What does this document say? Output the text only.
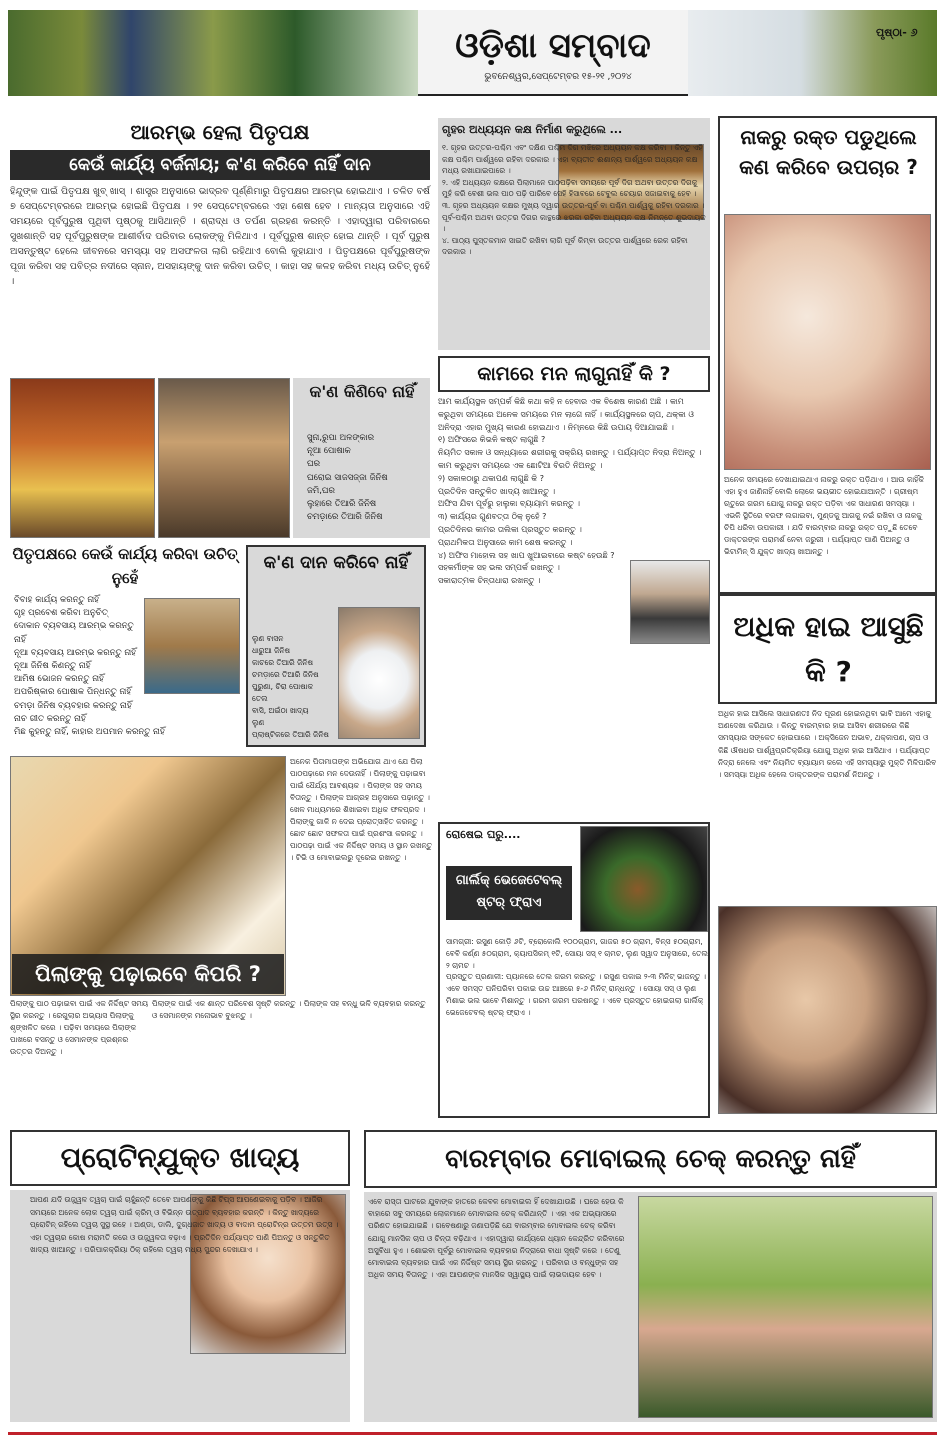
ଓଡ଼ିଶା ସମ୍ବାଦ
ଭୁବନେଶ୍ୱର,ସେପ୍ଟେମ୍ବର ୧୫-୨୧ ,୨୦୨୪
ପୃଷ୍ଠା- ୬
ଆରମ୍ଭ ହେଲା ପିତୃପକ୍ଷ
କେଉଁ କାର୍ଯ୍ୟ ବର୍ଜନୀୟ; କ'ଣ କରିବେ ନାହିଁ ଦାନ

ହିନ୍ଦୁଙ୍କ ପାଇଁ ପିତୃପକ୍ଷ ଖୁବ୍ ଖାସ୍ । ଶାସ୍ତ୍ର ଅନୁସାରେ ଭାଦ୍ରବ ପୂର୍ଣ୍ଣିମାରୁ ପିତୃପକ୍ଷର ଆରମ୍ଭ ହୋଇଥାଏ । ଚଳିତ ବର୍ଷ ୭ ସେପ୍ଟେମ୍ବରରେ ଆରମ୍ଭ ହୋଇଛି ପିତୃପକ୍ଷ । ୨୧ ସେପ୍ଟେମ୍ବରରେ ଏହା ଶେଷ ହେବ । ମାନ୍ୟତା ଅନୁସାରେ ଏହି ସମୟରେ ପୂର୍ବପୁରୁଷ ପୃଥିବୀ ପୃଷ୍ଠକୁ ଆସିଥାନ୍ତି । ଶ୍ରାଦ୍ଧ ଓ ତର୍ପଣ ଗ୍ରହଣ କରନ୍ତି । ଏହାଦ୍ୱାରା ପରିବାରରେ ସୁଖଶାନ୍ତି ସହ ପୂର୍ବପୁରୁଷଙ୍କ ଆଶୀର୍ବାଦ ପରିବାର ଲୋକଙ୍କୁ ମିଳିଥାଏ । ପୂର୍ବପୁରୁଷ ଶାନ୍ତ ହୋଇ ଥାନ୍ତି । ପୂର୍ବ ପୁରୁଷ ଅସନ୍ତୁଷ୍ଟ ହେଲେ ଜୀବନରେ ସମସ୍ୟା ସହ ଅସଫଳତା ଲାଗି ରହିଥାଏ ବୋଲି କୁହାଯାଏ । ପିତୃପକ୍ଷରେ ପୂର୍ବପୁରୁଷଙ୍କ ପୂଜା କରିବା ସହ ପବିତ୍ର ନଦୀରେ ସ୍ନାନ, ଅସହାୟଙ୍କୁ ଦାନ କରିବା ଉଚିତ୍ । କାହା ସହ କଳହ କରିବା ମଧ୍ୟ ଉଚିତ୍ ନୁହେଁ ।

କ'ଣ କିଣିବେ ନାହିଁ
ସୁନା,ରୁପା ଅଳଙ୍କାର
ନୂଆ ପୋଷାକ
ଘର
ଘରୋଇ ସାଜସଜ୍ଜା ଜିନିଷ
ଜମି,ଘର
ଲୁହାରେ ତିଆରି ଜିନିଷ
ଚମଡ଼ାରେ ତିଆରି ଜିନିଷ
ପିତୃପକ୍ଷରେ କେଉଁ କାର୍ଯ୍ୟ କରିବା ଉଚିତ୍ ନୁହେଁ
ବିବାହ କାର୍ଯ୍ୟ କରନ୍ତୁ ନାହିଁ
ଗୃହ ପ୍ରବେଶ କରିବା ଅନୁଚିତ୍
ଦୋକାନ ବ୍ୟବସାୟ ଆରମ୍ଭ କରନ୍ତୁ ନାହିଁ
ନୂଆ ବ୍ୟବସାୟ ଆରମ୍ଭ କରନ୍ତୁ ନାହିଁ
ନୂଆ ଜିନିଷ କିଣନ୍ତୁ ନାହିଁ
ଆମିଷ ଭୋଜନ କରନ୍ତୁ ନାହିଁ
ଅପରିଷ୍କାର ପୋଷାକ ପିନ୍ଧନ୍ତୁ ନାହିଁ
ଚମଡ଼ା ଜିନିଷ ବ୍ୟବହାର କରନ୍ତୁ ନାହିଁ
ନାଚ ଗୀତ କରନ୍ତୁ ନାହିଁ
ମିଛ କୁହନ୍ତୁ ନାହିଁ, କାହାର ଅପମାନ କରନ୍ତୁ ନାହିଁ
କ'ଣ ଦାନ କରିବେ ନାହିଁ
ଲୁଣ ବାସନ
ଧାରୁଆ ଜିନିଷ
କାଚରେ ତିଆରି ଜିନିଷ
ଚମଡ଼ାରେ ତିଆରି ଜିନିଷ
ପୁରୁଣା, ଚିରା ପୋଷାକ
ତେଲ
ବାସି, ଅଇଁଠା ଖାଦ୍ୟ
ଲୁଣ
ପ୍ଲାଷ୍ଟିକରେ ତିଆରି ଜିନିଷ
ଗୃହର ଅଧ୍ୟୟନ କକ୍ଷ ନିର୍ମାଣ କରୁଥିଲେ ...

୧. ଗୃହର ଉତ୍ତର-ପଶ୍ଚିମ ଏବଂ ଦକ୍ଷିଣ ପଶ୍ଚିମ ଦିଗ ମଝିରେ ଅଧ୍ୟୟନ କକ୍ଷ କରିବା । କିନ୍ତୁ ଏହି କକ୍ଷ ପଶ୍ଚିମ ପାର୍ଶ୍ୱରେ ରହିବା ଦରକାର । ଏହା ବ୍ୟତୀତ ଈଶାନ୍ୟ ପାର୍ଶ୍ୱରେ ଅଧ୍ୟୟନ କକ୍ଷ ମଧ୍ୟ ରଖାଯାଇପାରେ ।
୨. ଏହି ଅଧ୍ୟୟନ କକ୍ଷରେ ପିଲାମାନେ ପାଠପଢ଼ିବା ସମୟରେ ପୂର୍ବ ଦିଗ ଅଥବା ଉତ୍ତର ଦିଗକୁ ମୁହଁ କରି ବେଶୀ ଭଲ ପାଠ ପଢ଼ି ପାରିବେ ସେହି ହିସାବରେ ଟେବୁଲ ଚେୟାର ସଜାଇବାକୁ ହେବ ।
୩. ଗୃହର ଅଧ୍ୟୟନ କକ୍ଷର ମୁଖ୍ୟ ଦ୍ୱାର ଉତ୍ତର-ପୂର୍ବ ବା ପଶ୍ଚିମ ପାର୍ଶ୍ୱକୁ ରହିବା ଦରକାର । ପୂର୍ବ-ପଶ୍ଚିମ ଅଥବା ଉତ୍ତର ଦିଗର କାନ୍ଥରେ ଝରକା ରହିବା ଅଧ୍ୟୟନ କକ୍ଷ ନିମନ୍ତେ ଶୁଭଦାୟକ ।
୪. ପାଠ୍ୟ ପୁସ୍ତକମାନ ସାଇତି ରଖିବା ଲାଗି ପୂର୍ବ କିମ୍ବା ଉତ୍ତର ପାର୍ଶ୍ୱରେ ରେକ ରହିବା ଦରକାର ।

କାମରେ ମନ ଲାଗୁନାହିଁ କି ?

ଆମ କାର୍ଯ୍ୟସ୍ଥଳ ସମ୍ପର୍କ କିଛି କଥା କହି ନ ହେବାର ଏକ ବିଶେଷ କାରଣ ଅଛି । କାମ କରୁଥିବା ସମୟରେ ଅନେକ ସମୟରେ ମନ ଲାଗେ ନାହିଁ । କାର୍ଯ୍ୟସ୍ଥଳରେ ଚାପ, ଥକ୍କା ଓ ଅନିଦ୍ରା ଏହାର ମୁଖ୍ୟ କାରଣ ହୋଇଥାଏ । ନିମ୍ନରେ କିଛି ଉପାୟ ଦିଆଯାଇଛି ।
୧) ଅଫିସରେ କିଭଳି କଷ୍ଟ ଲାଗୁଛି ?
ନିୟମିତ ସକାଳ ଓ ସନ୍ଧ୍ୟାରେ ଶରୀରକୁ ସକ୍ରିୟ ରଖନ୍ତୁ । ପର୍ଯ୍ୟାପ୍ତ ନିଦ୍ରା ନିଅନ୍ତୁ ।
କାମ କରୁଥିବା ସମୟରେ ଏକ ଛୋଟିଆ ବିରତି ନିଅନ୍ତୁ ।
୨) ସକାଳଠାରୁ ଥକାପଣ ଲାଗୁଛି କି ?
ପ୍ରତିଦିନ ସନ୍ତୁଳିତ ଖାଦ୍ୟ ଖାଆନ୍ତୁ ।
ଅଫିସ ଯିବା ପୂର୍ବରୁ ହାଲୁକା ବ୍ୟାୟାମ କରନ୍ତୁ ।
୩) କାର୍ଯ୍ୟର ଗୁଣବତ୍ତା ଠିକ୍ ନୁହେଁ ?
ପ୍ରତିଦିନର କାମର ତାଲିକା ପ୍ରସ୍ତୁତ କରନ୍ତୁ ।
ପ୍ରାଥମିକତା ଅନୁସାରେ କାମ ଶେଷ କରନ୍ତୁ ।
୪) ଅଫିସ ମାହୋଲ ସହ ଖାପ ଖୁଆଇବାରେ କଷ୍ଟ ହେଉଛି ?
ସହକର୍ମୀଙ୍କ ସହ ଭଲ ସମ୍ପର୍କ ରଖନ୍ତୁ ।
ସକାରାତ୍ମକ ଚିନ୍ତାଧାରା ରଖନ୍ତୁ ।

ରୋଷେଇ ଘରୁ....
ଗାର୍ଲିକ୍ ଭେଜେଟେବଲ୍ ଷ୍ଟର୍ ଫ୍ରାଏ

ସାମଗ୍ରୀ: ରସୁଣ କୋଡ଼ି ୬ଟି, ବ୍ରୋକୋଲି ୧୦୦ଗ୍ରାମ, ଗାଜର ୫୦ ଗ୍ରାମ, ବିନ୍ସ ୫୦ଗ୍ରାମ, ବେବି କର୍ଣ୍ଣ ୫୦ଗ୍ରାମ, କ୍ୟାପସିକମ୍ ୧ଟି, ସୋୟା ସସ୍ ୧ ଚାମଚ, ଲୁଣ ସ୍ୱାଦ ଅନୁସାରେ, ତେଲ ୨ ଚାମଚ ।
ପ୍ରସ୍ତୁତ ପ୍ରଣାଳୀ: ପ୍ୟାନରେ ତେଲ ଗରମ କରନ୍ତୁ । ରସୁଣ ପକାଇ ୨-୩ ମିନିଟ୍ ଭାଜନ୍ତୁ । ଏବେ ସମସ୍ତ ପନିପରିବା ପକାଇ ଉଚ୍ଚ ଆଞ୍ଚରେ ୫-୬ ମିନିଟ୍ ରାନ୍ଧନ୍ତୁ । ସୋୟା ସସ୍ ଓ ଲୁଣ ମିଶାଇ ଭଲ ଭାବେ ମିଶାନ୍ତୁ । ଗରମ ଗରମ ପରଷନ୍ତୁ । ଏବେ ପ୍ରସ୍ତୁତ ହୋଇଗଲା ଗାର୍ଲିକ୍ ଭେଜେଟେବଲ୍ ଷ୍ଟର୍ ଫ୍ରାଏ ।

ନାକରୁ ରକ୍ତ ପଡୁଥିଲେ କଣ କରିବେ ଉପଚାର ?

ଅନେକ ସମୟରେ ଦେଖାଯାଇଥାଏ ନାକରୁ ରକ୍ତ ପଡ଼ିଥାଏ । ଆଉ କାହିଁକି ଏହା ହୁଏ ଜାଣିନାହିଁ ବୋଲି ଲୋକେ ଭୟଭୀତ ହୋଇଯାଆନ୍ତି । ଗ୍ରୀଷ୍ମ ଋତୁରେ ଗରମ ଯୋଗୁ ନାକରୁ ରକ୍ତ ପଡ଼ିବା ଏକ ସାଧାରଣ ସମସ୍ୟା । ଏଭଳି ସ୍ଥିତିରେ ବରଫ ଲଗାଇବା, ମୁଣ୍ଡକୁ ଆଗକୁ ନଇଁ ରଖିବା ଓ ନାକକୁ ଚିପି ଧରିବା ଉପକାରୀ । ଯଦି ବାରମ୍ବାର ନାକରୁ ରକ୍ତ ପଡ଼ୁଛି ତେବେ ଡାକ୍ତରଙ୍କ ପରାମର୍ଶ ନେବା ଜରୁରୀ । ପର୍ଯ୍ୟାପ୍ତ ପାଣି ପିଅନ୍ତୁ ଓ ଭିଟାମିନ୍ ସି ଯୁକ୍ତ ଖାଦ୍ୟ ଖାଆନ୍ତୁ ।

ଅଧିକ ହାଇ ଆସୁଛି କି ?

ଅଧିକ ହାଇ ଆସିଲେ ସାଧାରଣତଃ ନିଦ ପୂରଣ ହୋଇନଥିବା ଭାବି ଆମେ ଏହାକୁ ଅଣଦେଖା କରିଥାଉ । କିନ୍ତୁ ବାରମ୍ବାର ହାଇ ଆସିବା ଶରୀରରେ କିଛି ସମସ୍ୟାର ସଙ୍କେତ ହୋଇପାରେ । ଅକ୍ସିଜେନ ଅଭାବ, ଥକ୍କାପଣ, ଚାପ ଓ କିଛି ଔଷଧର ପାର୍ଶ୍ୱପ୍ରତିକ୍ରିୟା ଯୋଗୁ ଅଧିକ ହାଇ ଆସିଥାଏ । ପର୍ଯ୍ୟାପ୍ତ ନିଦ୍ରା ନେଲେ ଏବଂ ନିୟମିତ ବ୍ୟାୟାମ କଲେ ଏହି ସମସ୍ୟାରୁ ମୁକ୍ତି ମିଳିପାରିବ । ସମସ୍ୟା ଅଧିକ ହେଲେ ଡାକ୍ତରଙ୍କ ପରାମର୍ଶ ନିଅନ୍ତୁ ।

ପିଲାଙ୍କୁ ପଢ଼ାଇବେ କିପରି ?

ଅନେକ ପିତାମାତାଙ୍କ ଅଭିଯୋଗ ଥାଏ ଯେ ପିଲା ପାଠପଢ଼ାରେ ମନ ଦେଉନାହିଁ । ପିଲାଙ୍କୁ ପଢ଼ାଇବା ପାଇଁ ଧୈର୍ଯ୍ୟ ଆବଶ୍ୟକ । ପିଲାଙ୍କ ସହ ସମୟ ବିତାନ୍ତୁ । ପିଲାଙ୍କ ଆଗ୍ରହ ଅନୁସାରେ ପଢ଼ାନ୍ତୁ । ଖେଳ ମାଧ୍ୟମରେ ଶିଖାଇବା ଅଧିକ ଫଳପ୍ରଦ । ପିଲାଙ୍କୁ ଗାଳି ନ ଦେଇ ପ୍ରୋତ୍ସାହିତ କରନ୍ତୁ । ଛୋଟ ଛୋଟ ସଫଳତା ପାଇଁ ପ୍ରଶଂସା କରନ୍ତୁ । ପାଠପଢ଼ା ପାଇଁ ଏକ ନିର୍ଦ୍ଦିଷ୍ଟ ସମୟ ଓ ସ୍ଥାନ ରଖନ୍ତୁ । ଟିଭି ଓ ମୋବାଇଲରୁ ଦୂରେଇ ରଖନ୍ତୁ ।

ପିଲାଙ୍କୁ ପାଠ ପଢ଼ାଇବା ପାଇଁ ଏକ ନିର୍ଦ୍ଦିଷ୍ଟ ସମୟ ସ୍ଥିର କରନ୍ତୁ । ରେଗୁଲାର ଅଭ୍ୟାସ ପିଲାଙ୍କୁ ଶୃଙ୍ଖଳିତ କରେ । ପଢ଼ିବା ସମୟରେ ପିଲାଙ୍କ ପାଖରେ ବସନ୍ତୁ ଓ ସେମାନଙ୍କ ପ୍ରଶ୍ନର ଉତ୍ତର ଦିଅନ୍ତୁ ।

ପିଲାଙ୍କ ପାଇଁ ଏକ ଶାନ୍ତ ପରିବେଶ ସୃଷ୍ଟି କରନ୍ତୁ । ପିଲାଙ୍କ ସହ ବନ୍ଧୁ ଭଳି ବ୍ୟବହାର କରନ୍ତୁ ଓ ସେମାନଙ୍କ ମନୋଭାବ ବୁଝନ୍ତୁ ।

ପ୍ରୋଟିନ୍‌ଯୁକ୍ତ ଖାଦ୍ୟ

ଆପଣ ଯଦି ଉଜ୍ଜ୍ୱଳ ତ୍ୱଚା ପାଇଁ ଚାହୁଁଛନ୍ତି ତେବେ ଆପଣଙ୍କୁ କିଛି ଟିପ୍ସ ଆପଣେଇବାକୁ ପଡ଼ିବ । ଆଜିର ସମୟରେ ଅନେକ ଲୋକ ତ୍ୱଚା ପାଇଁ କ୍ରିମ୍ ଓ ବିଭିନ୍ନ ଉତ୍ପାଦ ବ୍ୟବହାର କରନ୍ତି । କିନ୍ତୁ ଖାଦ୍ୟରେ ପ୍ରୋଟିନ୍ ରହିଲେ ତ୍ୱଚା ସୁସ୍ଥ ରହେ । ଅଣ୍ଡା, ଡାଲି, ଦୁଗ୍ଧଜାତ ଖାଦ୍ୟ ଓ ବାଦାମ ପ୍ରୋଟିନ୍‌ର ଉତ୍ତମ ଉତ୍ସ । ଏହା ତ୍ୱଚାର କୋଷ ମରାମତି କରେ ଓ ଉଜ୍ଜ୍ୱଳତା ବଢ଼ାଏ । ପ୍ରତିଦିନ ପର୍ଯ୍ୟାପ୍ତ ପାଣି ପିଅନ୍ତୁ ଓ ସନ୍ତୁଳିତ ଖାଦ୍ୟ ଖାଆନ୍ତୁ । ପରିପାକକ୍ରିୟା ଠିକ୍ ରହିଲେ ତ୍ୱଚା ମଧ୍ୟ ସୁନ୍ଦର ଦେଖାଯାଏ ।

ବାରମ୍ବାର ମୋବାଇଲ୍ ଚେକ୍ କରନ୍ତୁ ନାହିଁ

ଏବେ ରାସ୍ତା ଘାଟରେ ଯୁବାଙ୍କ ହାତରେ କେବଳ ମୋବାଇଲ ହିଁ ଦେଖାଯାଉଛି । ଘରେ ହେଉ କି ବାହାରେ ସବୁ ସମୟରେ ଲୋକମାନେ ମୋବାଇଲ ଚେକ୍ କରିଥାନ୍ତି । ଏହା ଏକ ଅଭ୍ୟାସରେ ପରିଣତ ହୋଇଯାଇଛି । ଗବେଷଣାରୁ ଜଣାପଡ଼ିଛି ଯେ ବାରମ୍ବାର ମୋବାଇଲ ଚେକ୍ କରିବା ଯୋଗୁ ମାନସିକ ଚାପ ଓ ଚିନ୍ତା ବଢ଼ିଥାଏ । ଏହାଦ୍ୱାରା କାର୍ଯ୍ୟରେ ଧ୍ୟାନ କେନ୍ଦ୍ରିତ କରିବାରେ ଅସୁବିଧା ହୁଏ । ଶୋଇବା ପୂର୍ବରୁ ମୋବାଇଲ ବ୍ୟବହାର ନିଦ୍ରାରେ ବାଧା ସୃଷ୍ଟି କରେ । ତେଣୁ ମୋବାଇଲ ବ୍ୟବହାର ପାଇଁ ଏକ ନିର୍ଦ୍ଦିଷ୍ଟ ସମୟ ସ୍ଥିର କରନ୍ତୁ । ପରିବାର ଓ ବନ୍ଧୁଙ୍କ ସହ ଅଧିକ ସମୟ ବିତାନ୍ତୁ । ଏହା ଆପଣଙ୍କ ମାନସିକ ସ୍ୱାସ୍ଥ୍ୟ ପାଇଁ ଲାଭଦାୟକ ହେବ ।
